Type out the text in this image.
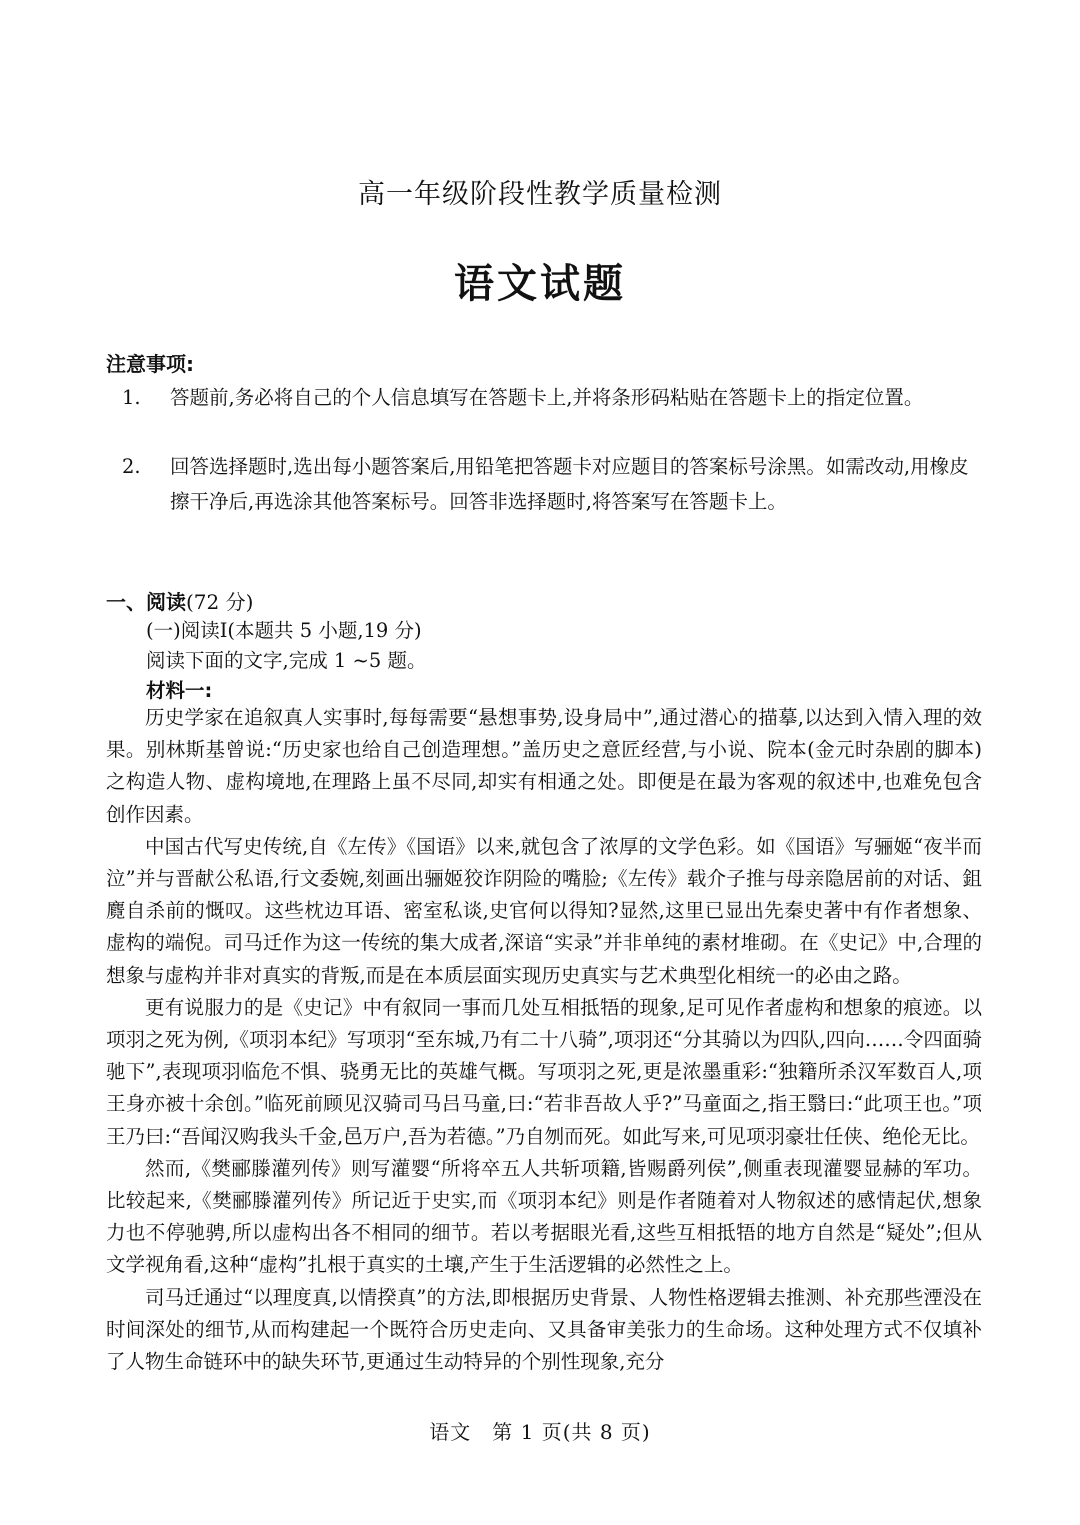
高一年级阶段性教学质量检测
语文试题
注意事项:
1. 答题前,务必将自己的个人信息填写在答题卡上,并将条形码粘贴在答题卡上的指定位置。
2. 回答选择题时,选出每小题答案后,用铅笔把答题卡对应题目的答案标号涂黑。如需改动,用橡皮擦干净后,再选涂其他答案标号。回答非选择题时,将答案写在答题卡上。
一、阅读(72 分)
(一)阅读Ⅰ(本题共 5 小题,19 分)
阅读下面的文字,完成 1 ~5 题。
材料一:

历史学家在追叙真人实事时,每每需要“悬想事势,设身局中”,通过潜心的描摹,以达到入情入理的效果。别林斯基曾说:“历史家也给自己创造理想。”盖历史之意匠经营,与小说、院本(金元时杂剧的脚本)之构造人物、虚构境地,在理路上虽不尽同,却实有相通之处。即便是在最为客观的叙述中,也难免包含创作因素。

中国古代写史传统,自《左传》《国语》以来,就包含了浓厚的文学色彩。如《国语》写骊姬“夜半而泣”并与晋献公私语,行文委婉,刻画出骊姬狡诈阴险的嘴脸;《左传》载介子推与母亲隐居前的对话、鉏麑自杀前的慨叹。这些枕边耳语、密室私谈,史官何以得知?显然,这里已显出先秦史著中有作者想象、虚构的端倪。司马迁作为这一传统的集大成者,深谙“实录”并非单纯的素材堆砌。在《史记》中,合理的想象与虚构并非对真实的背叛,而是在本质层面实现历史真实与艺术典型化相统一的必由之路。

更有说服力的是《史记》中有叙同一事而几处互相抵牾的现象,足可见作者虚构和想象的痕迹。以项羽之死为例,《项羽本纪》写项羽“至东城,乃有二十八骑”,项羽还“分其骑以为四队,四向……令四面骑驰下”,表现项羽临危不惧、骁勇无比的英雄气概。写项羽之死,更是浓墨重彩:“独籍所杀汉军数百人,项王身亦被十余创。”临死前顾见汉骑司马吕马童,曰:“若非吾故人乎?”马童面之,指王翳曰:“此项王也。”项王乃曰:“吾闻汉购我头千金,邑万户,吾为若德。”乃自刎而死。如此写来,可见项羽豪壮任侠、绝伦无比。

然而,《樊郦滕灌列传》则写灌婴“所将卒五人共斩项籍,皆赐爵列侯”,侧重表现灌婴显赫的军功。比较起来,《樊郦滕灌列传》所记近于史实,而《项羽本纪》则是作者随着对人物叙述的感情起伏,想象力也不停驰骋,所以虚构出各不相同的细节。若以考据眼光看,这些互相抵牾的地方自然是“疑处”;但从文学视角看,这种“虚构”扎根于真实的土壤,产生于生活逻辑的必然性之上。

司马迁通过“以理度真,以情揆真”的方法,即根据历史背景、人物性格逻辑去推测、补充那些湮没在时间深处的细节,从而构建起一个既符合历史走向、又具备审美张力的生命场。这种处理方式不仅填补了人物生命链环中的缺失环节,更通过生动特异的个别性现象,充分

语文　第 1 页(共 8 页)
